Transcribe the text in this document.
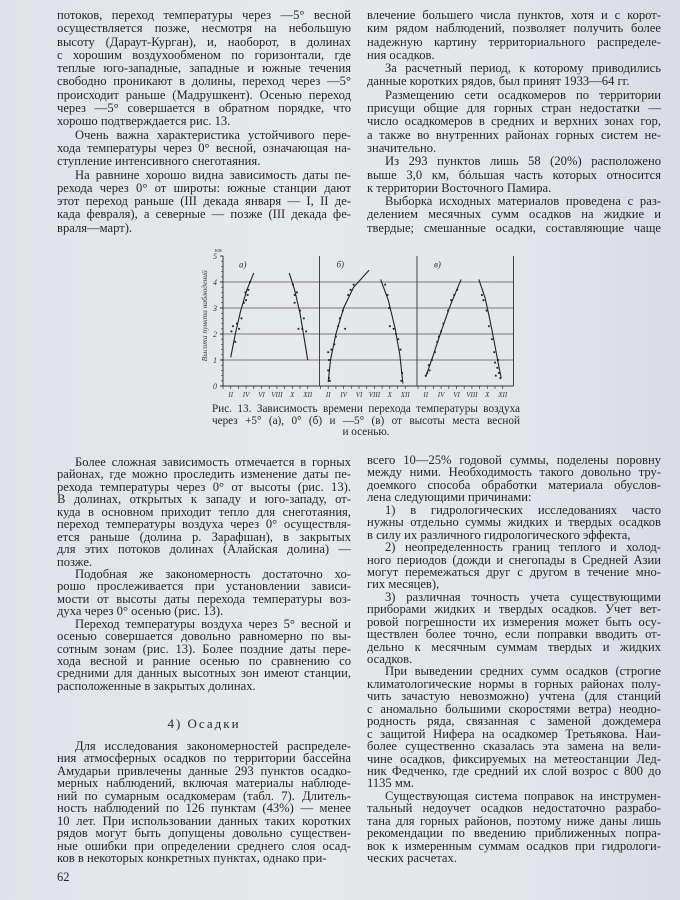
потоков, переход температуры через —5° весной
осуществляется позже, несмотря на небольшую
высоту (Дараут-Курган), и, наоборот, в долинах
с хорошим воздухообменом по горизонтали, где
теплые юго-западные, западные и южные течения
свободно проникают в долины, переход через —5°
происходит раньше (Мадрушкент). Осенью переход
через —5° совершается в обратном порядке, что
хорошо подтверждается рис. 13.
Очень важна характеристика устойчивого пере-
хода температуры через 0° весной, означающая на-
ступление интенсивного снеготаяния.
На равнине хорошо видна зависимость даты пе-
рехода через 0° от широты: южные станции дают
этот переход раньше (III декада января — I, II де-
када февраля), а северные — позже (III декада фе-
враля—март).
0
1
2
3
4
5
км
Высота пункта наблюдений
II IV VI VIII X XII
а)
II IV VI VIII X XII
б)
II IV VI VIII X XII
в)
Рис. 13. Зависимость времени перехода температуры воздуха
через +5° (а), 0° (б) и —5° (в) от высоты места весной
и осенью.
Более сложная зависимость отмечается в горных
районах, где можно проследить изменение даты пе-
рехода температуры через 0° от высоты (рис. 13).
В долинах, открытых к западу и юго-западу, от-
куда в основном приходит тепло для снеготаяния,
переход температуры воздуха через 0° осуществля-
ется раньше (долина р. Зарафшан), в закрытых
для этих потоков долинах (Алайская долина) —
позже.
Подобная же закономерность достаточно хо-
рошо прослеживается при установлении зависи-
мости от высоты даты перехода температуры воз-
духа через 0° осенью (рис. 13).
Переход температуры воздуха через 5° весной и
осенью совершается довольно равномерно по вы-
сотным зонам (рис. 13). Более поздние даты пере-
хода весной и ранние осенью по сравнению со
средними для данных высотных зон имеют станции,
расположенные в закрытых долинах.
4) Осадки
Для исследования закономерностей распределе-
ния атмосферных осадков по территории бассейна
Амударьи привлечены данные 293 пунктов осадко-
мерных наблюдений, включая материалы наблюде-
ний по сумарным осадкомерам (табл. 7). Длитель-
ность наблюдений по 126 пунктам (43%) — менее
10 лет. При использовании данных таких коротких
рядов могут быть допущены довольно существен-
ные ошибки при определении среднего слоя осад-
ков в некоторых конкретных пунктах, однако при-
62
влечение большего числа пунктов, хотя и с корот-
ким рядом наблюдений, позволяет получить более
надежную картину территориального распределе-
ния осадков.
За расчетный период, к которому приводились
данные коротких рядов, был принят 1933—64 гг.
Размещению сети осадкомеров по территории
присущи общие для горных стран недостатки —
число осадкомеров в средних и верхних зонах гор,
а также во внутренних районах горных систем не-
значительно.
Из 293 пунктов лишь 58 (20%) расположено
выше 3,0 км, бóльшая часть которых относится
к территории Восточного Памира.
Выборка исходных материалов проведена с раз-
делением месячных сумм осадков на жидкие и
твердые; смешанные осадки, составляющие чаще
всего 10—25% годовой суммы, поделены поровну
между ними. Необходимость такого довольно тру-
доемкого способа обработки материала обуслов-
лена следующими причинами:
1) в гидрологических исследованиях часто
нужны отдельно суммы жидких и твердых осадков
в силу их различного гидрологического эффекта,
2) неопределенность границ теплого и холод-
ного периодов (дожди и снегопады в Средней Азии
могут перемежаться друг с другом в течение мно-
гих месяцев),
3) различная точность учета существующими
приборами жидких и твердых осадков. Учет вет-
ровой погрешности их измерения может быть осу-
ществлен более точно, если поправки вводить от-
дельно к месячным суммам твердых и жидких
осадков.
При выведении средних сумм осадков (строгие
климатологические нормы в горных районах полу-
чить зачастую невозможно) учтена (для станций
с аномально большими скоростями ветра) неодно-
родность ряда, связанная с заменой дождемера
с защитой Нифера на осадкомер Третьякова. Наи-
более существенно сказалась эта замена на вели-
чине осадков, фиксируемых на метеостанции Лед-
ник Федченко, где средний их слой возрос с 800 до
1135 мм.
Существующая система поправок на инструмен-
тальный недоучет осадков недостаточно разрабо-
тана для горных районов, поэтому ниже даны лишь
рекомендации по введению приближенных попра-
вок к измеренным суммам осадков при гидрологи-
ческих расчетах.
